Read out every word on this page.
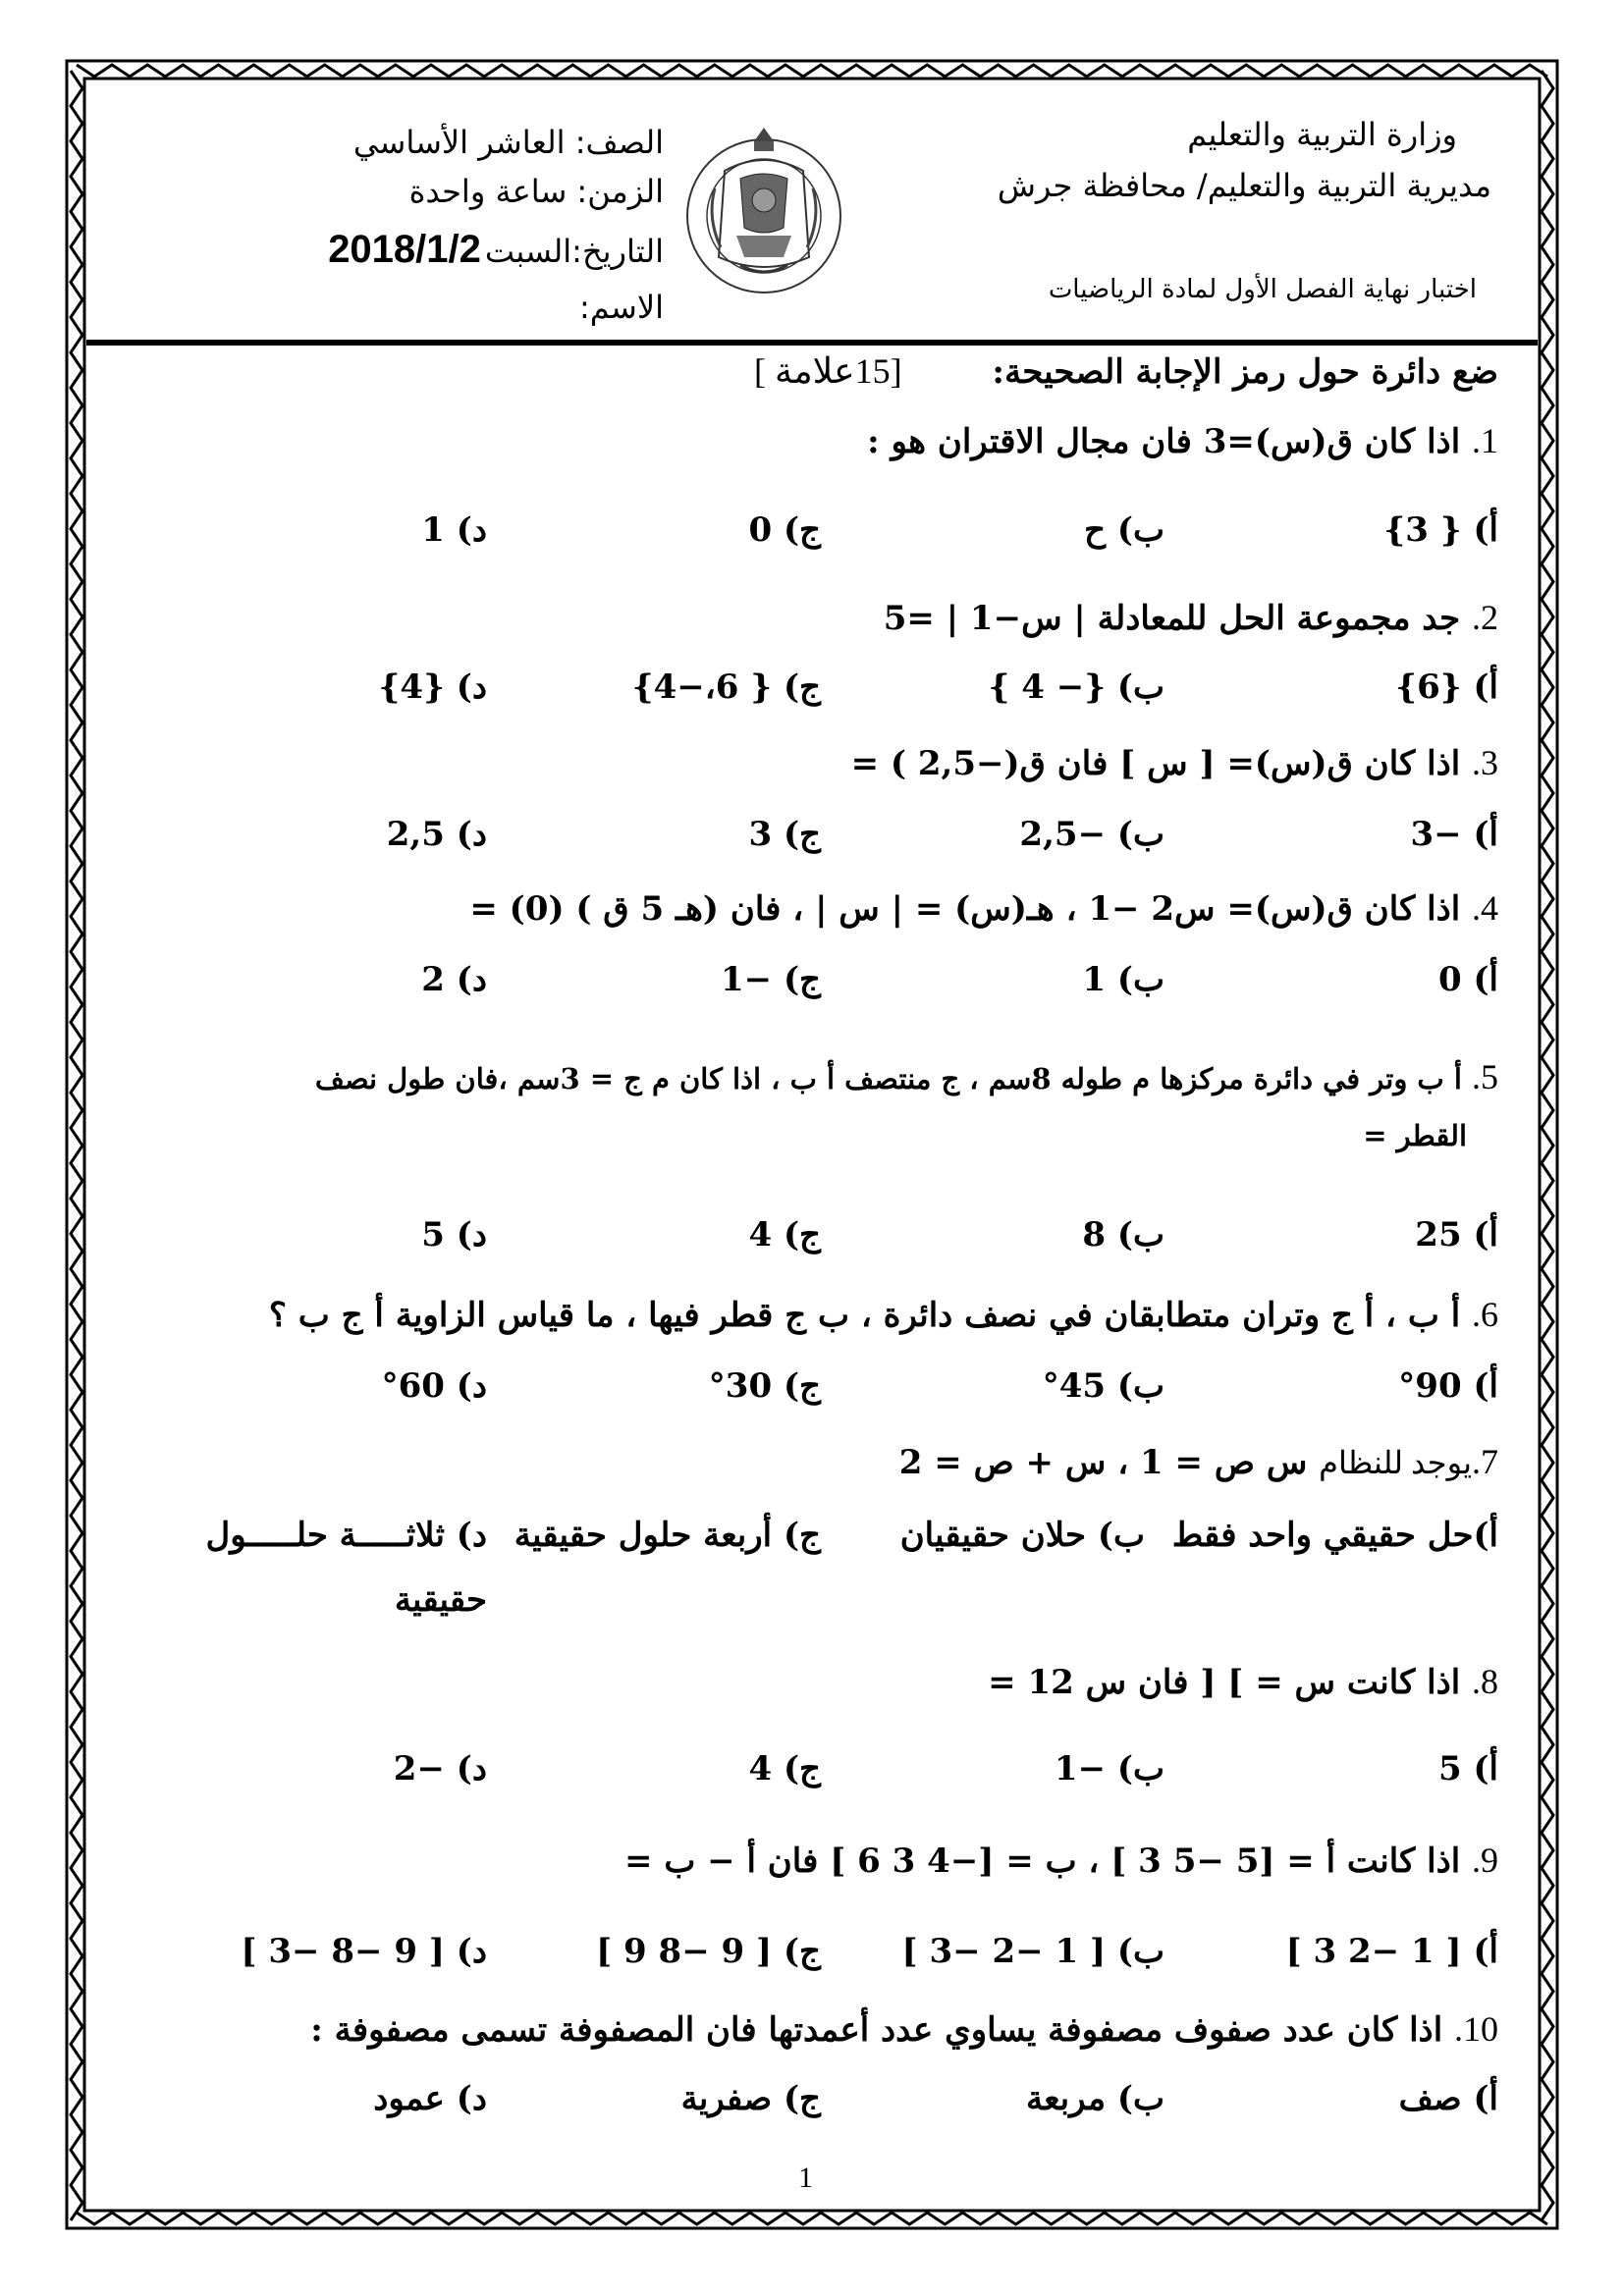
وزارة التربية والتعليم
مديرية التربية والتعليم/ محافظة جرش
اختبار نهاية الفصل الأول لمادة الرياضيات
الصف: العاشر الأساسي
الزمن: ساعة واحدة
التاريخ:السبت2018/1/2
الاسم:
ضع دائرة حول رمز الإجابة الصحيحة: [15علامة ]
1. اذا كان ق(س)=3 فان مجال الاقتران هو :
أ) { 3}
ب) ح
ج) 0
د) 1
2. جد مجموعة الحل للمعادلة | س−1 | =5
أ) {6}
ب) {− 4 }
ج) { 6،−4}
د) {4}
3. اذا كان ق(س)= [ س ] فان ق(−2,5 ) =
أ) −3
ب) −2,5
ج) 3
د) 2,5
4. اذا كان ق(س)= س2 −1 ، هـ(س) = | س | ، فان (هـ 5 ق ) (0) =
أ) 0
ب) 1
ج) −1
د) 2
5. أ ب وتر في دائرة مركزها م طوله 8سم ، ج منتصف أ ب ، اذا كان م ج = 3سم ،فان طول نصف
القطر =
أ) 25
ب) 8
ج) 4
د) 5
6. أ ب ، أ ج وتران متطابقان في نصف دائرة ، ب ج قطر فيها ، ما قياس الزاوية أ ج ب ؟
أ) 90°
ب) 45°
ج) 30°
د) 60°
7.يوجد للنظام س ص = 1 ، س + ص = 2
أ)حل حقيقي واحد فقط
ب) حلان حقيقيان
ج) أربعة حلول حقيقية
د) ثلاثـــــة حلـــــول
حقيقية
8. اذا كانت س = ] [ فان س 12 =
أ) 5
ب) −1
ج) 4
د) −2
9. اذا كانت أ = [5 −5 3 ] ، ب = [−4 3 6 ] فان أ − ب =
أ) [ 1 −2 3 ]
ب) [ 1 −2 −3 ]
ج) [ 9 −8 9 ]
د) [ 9 −8 −3 ]
10. اذا كان عدد صفوف مصفوفة يساوي عدد أعمدتها فان المصفوفة تسمى مصفوفة :
أ) صف
ب) مربعة
ج) صفرية
د) عمود
1
